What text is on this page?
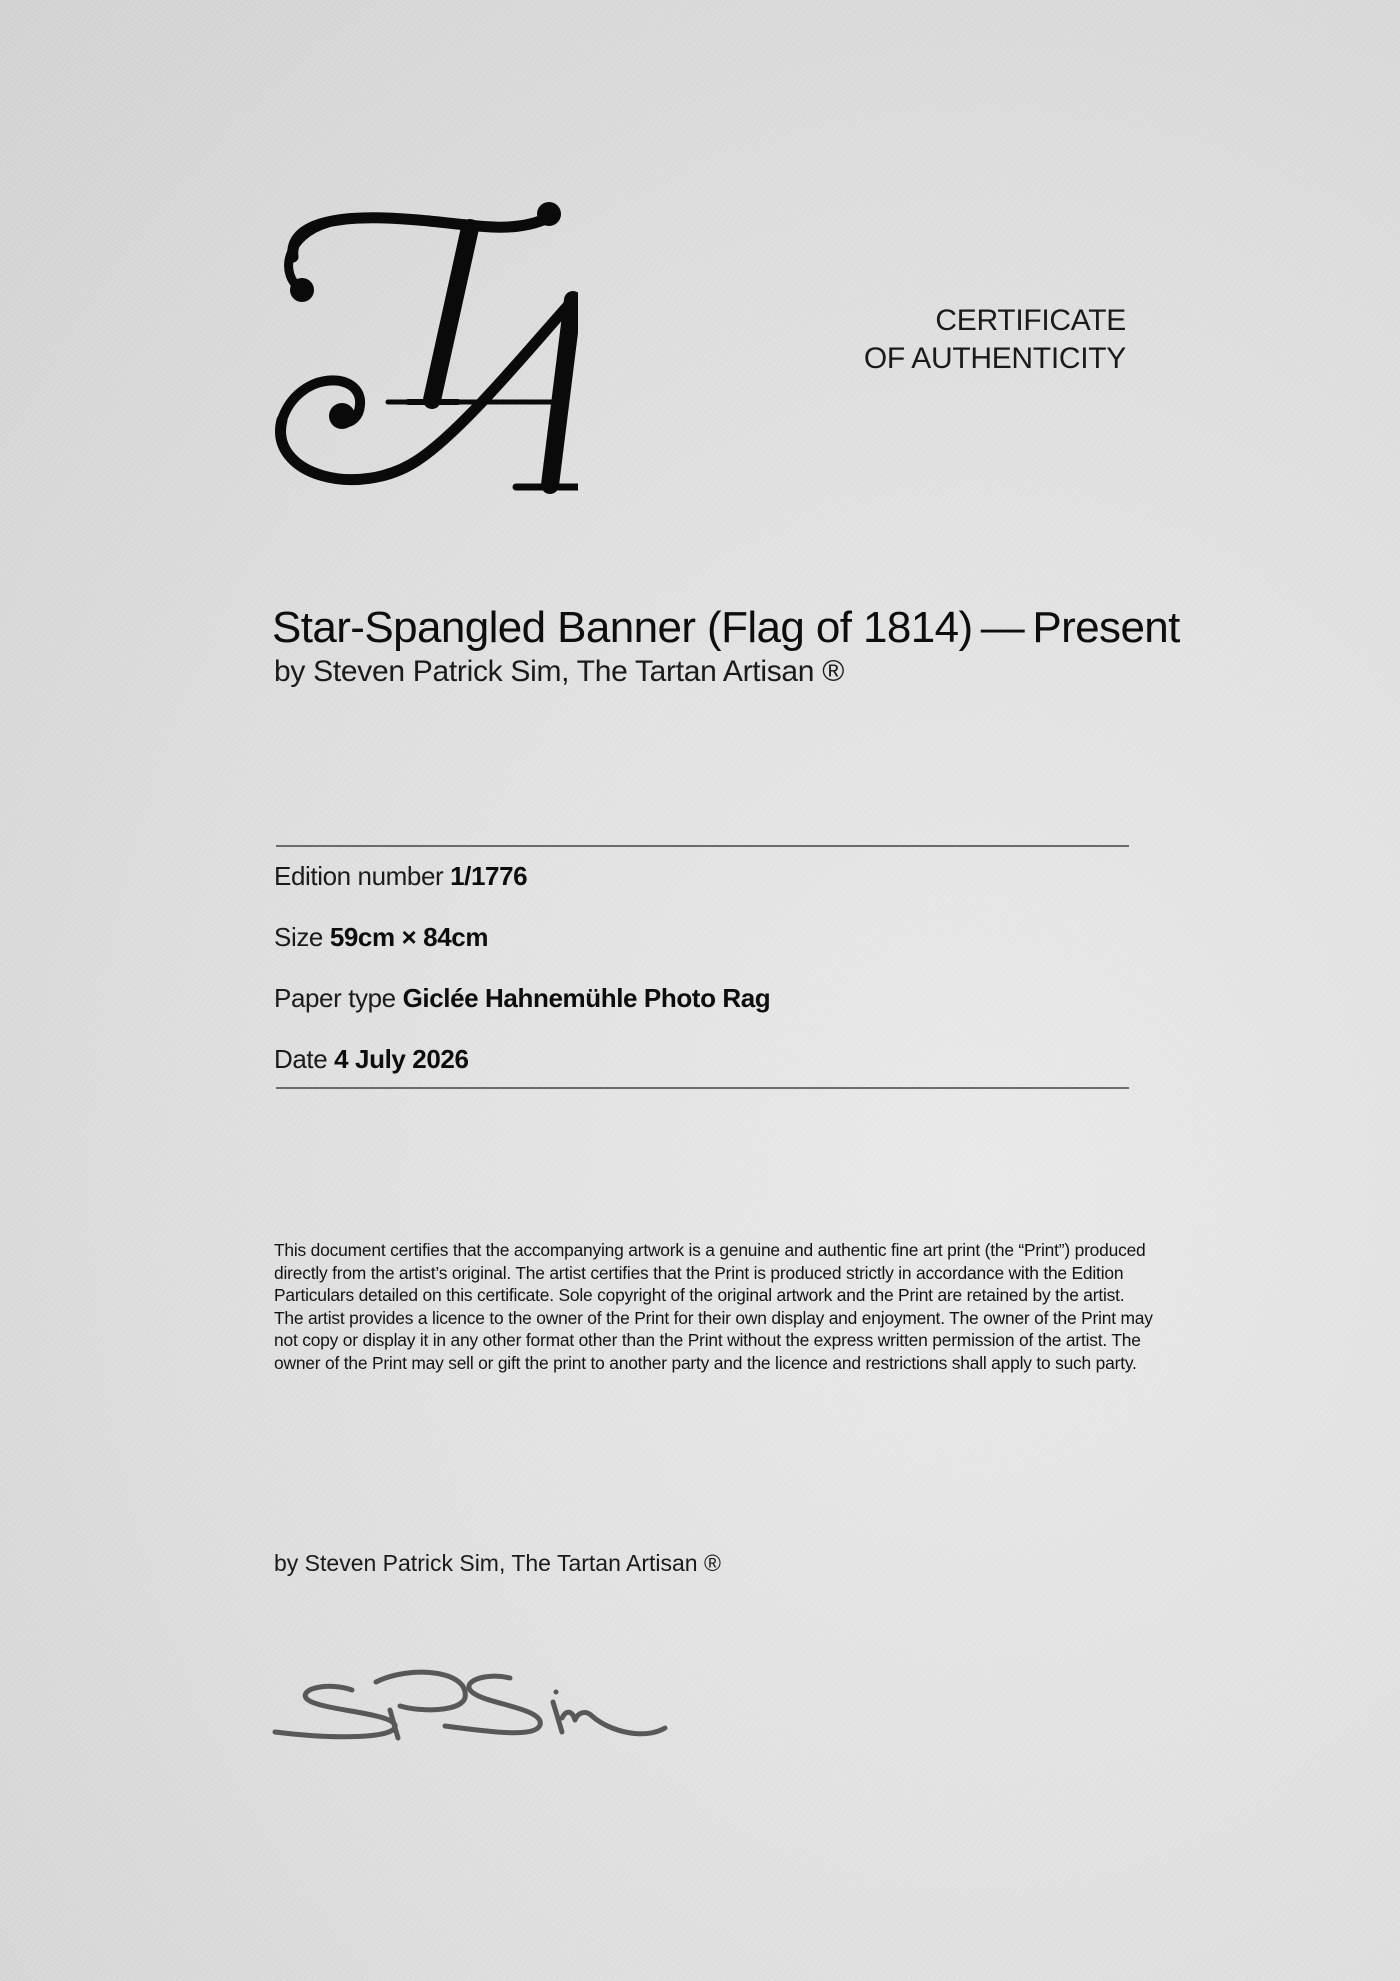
CERTIFICATE
OF AUTHENTICITY
Star-Spangled Banner (Flag of 1814) — Present
by Steven Patrick Sim, The Tartan Artisan ®
Edition number 1/1776
Size 59cm × 84cm
Paper type Giclée Hahnemühle Photo Rag
Date 4 July 2026
This document certifies that the accompanying artwork is a genuine and authentic fine art print (the “Print”) produced directly from the artist’s original. The artist certifies that the Print is produced strictly in accordance with the Edition Particulars detailed on this certificate. Sole copyright of the original artwork and the Print are retained by the artist. The artist provides a licence to the owner of the Print for their own display and enjoyment. The owner of the Print may not copy or display it in any other format other than the Print without the express written permission of the artist. The owner of the Print may sell or gift the print to another party and the licence and restrictions shall apply to such party.
by Steven Patrick Sim, The Tartan Artisan ®
